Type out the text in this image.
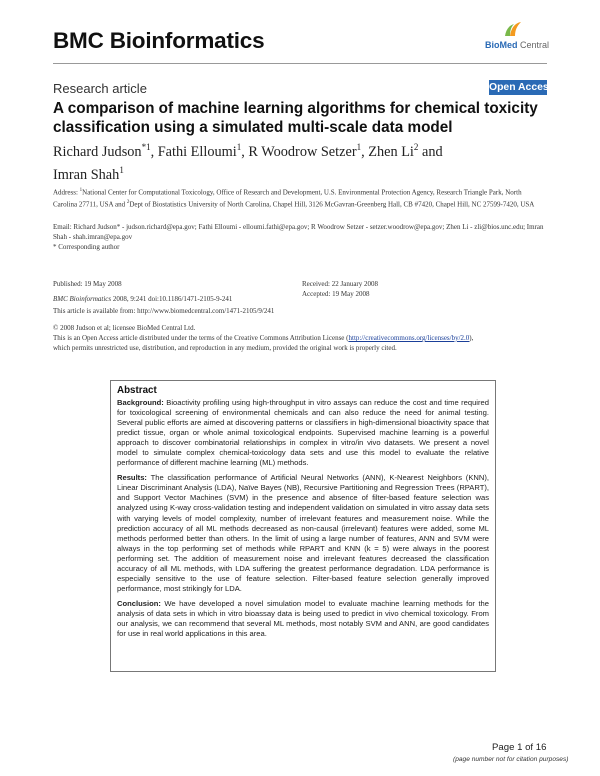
BMC Bioinformatics	BioMed Central
Research article	Open Access
A comparison of machine learning algorithms for chemical toxicity classification using a simulated multi-scale data model
Richard Judson$^{*1}$, Fathi Elloumi$^1$, R Woodrow Setzer$^1$, Zhen Li$^2$ and
Imran Shah$^1$
Address: $^1$National Center for Computational Toxicology, Office of Research and Development, U.S. Environmental Protection Agency, Research Triangle Park, North Carolina 27711, USA and $^2$Dept of Biostatistics University of North Carolina, Chapel Hill, 3126 McGavran-Greenberg Hall, CB #7420, Chapel Hill, NC 27599-7420, USA
Email: Richard Judson* - judson.richard@epa.gov; Fathi Elloumi - elloumi.fathi@epa.gov; R Woodrow Setzer - setzer.woodrow@epa.gov; Zhen Li - zli@bios.unc.edu; Imran Shah - shah.imran@epa.gov
* Corresponding author
Published: 19 May 2008
BMC Bioinformatics 2008, 9:241 doi:10.1186/1471-2105-9-241
Received: 22 January 2008
Accepted: 19 May 2008
This article is available from: http://www.biomedcentral.com/1471-2105/9/241
© 2008 Judson et al; licensee BioMed Central Ltd.
This is an Open Access article distributed under the terms of the Creative Commons Attribution License (http://creativecommons.org/licenses/by/2.0),
which permits unrestricted use, distribution, and reproduction in any medium, provided the original work is properly cited.
Abstract

Background: Bioactivity profiling using high-throughput in vitro assays can reduce the cost and time required for toxicological screening of environmental chemicals and can also reduce the need for animal testing. Several public efforts are aimed at discovering patterns or classifiers in high-dimensional bioactivity space that predict tissue, organ or whole animal toxicological endpoints. Supervised machine learning is a powerful approach to discover combinatorial relationships in complex in vitro/in vivo datasets. We present a novel model to simulate complex chemical-toxicology data sets and use this model to evaluate the relative performance of different machine learning (ML) methods.

Results: The classification performance of Artificial Neural Networks (ANN), K-Nearest Neighbors (KNN), Linear Discriminant Analysis (LDA), Naïve Bayes (NB), Recursive Partitioning and Regression Trees (RPART), and Support Vector Machines (SVM) in the presence and absence of filter-based feature selection was analyzed using K-way cross-validation testing and independent validation on simulated in vitro assay data sets with varying levels of model complexity, number of irrelevant features and measurement noise. While the prediction accuracy of all ML methods decreased as non-causal (irrelevant) features were added, some ML methods performed better than others. In the limit of using a large number of features, ANN and SVM were always in the top performing set of methods while RPART and KNN (k = 5) were always in the poorest performing set. The addition of measurement noise and irrelevant features decreased the classification accuracy of all ML methods, with LDA suffering the greatest performance degradation. LDA performance is especially sensitive to the use of feature selection. Filter-based feature selection generally improved performance, most strikingly for LDA.

Conclusion: We have developed a novel simulation model to evaluate machine learning methods for the analysis of data sets in which in vitro bioassay data is being used to predict in vivo chemical toxicology. From our analysis, we can recommend that several ML methods, most notably SVM and ANN, are good candidates for use in real world applications in this area.

Page 1 of 16
(page number not for citation purposes)
